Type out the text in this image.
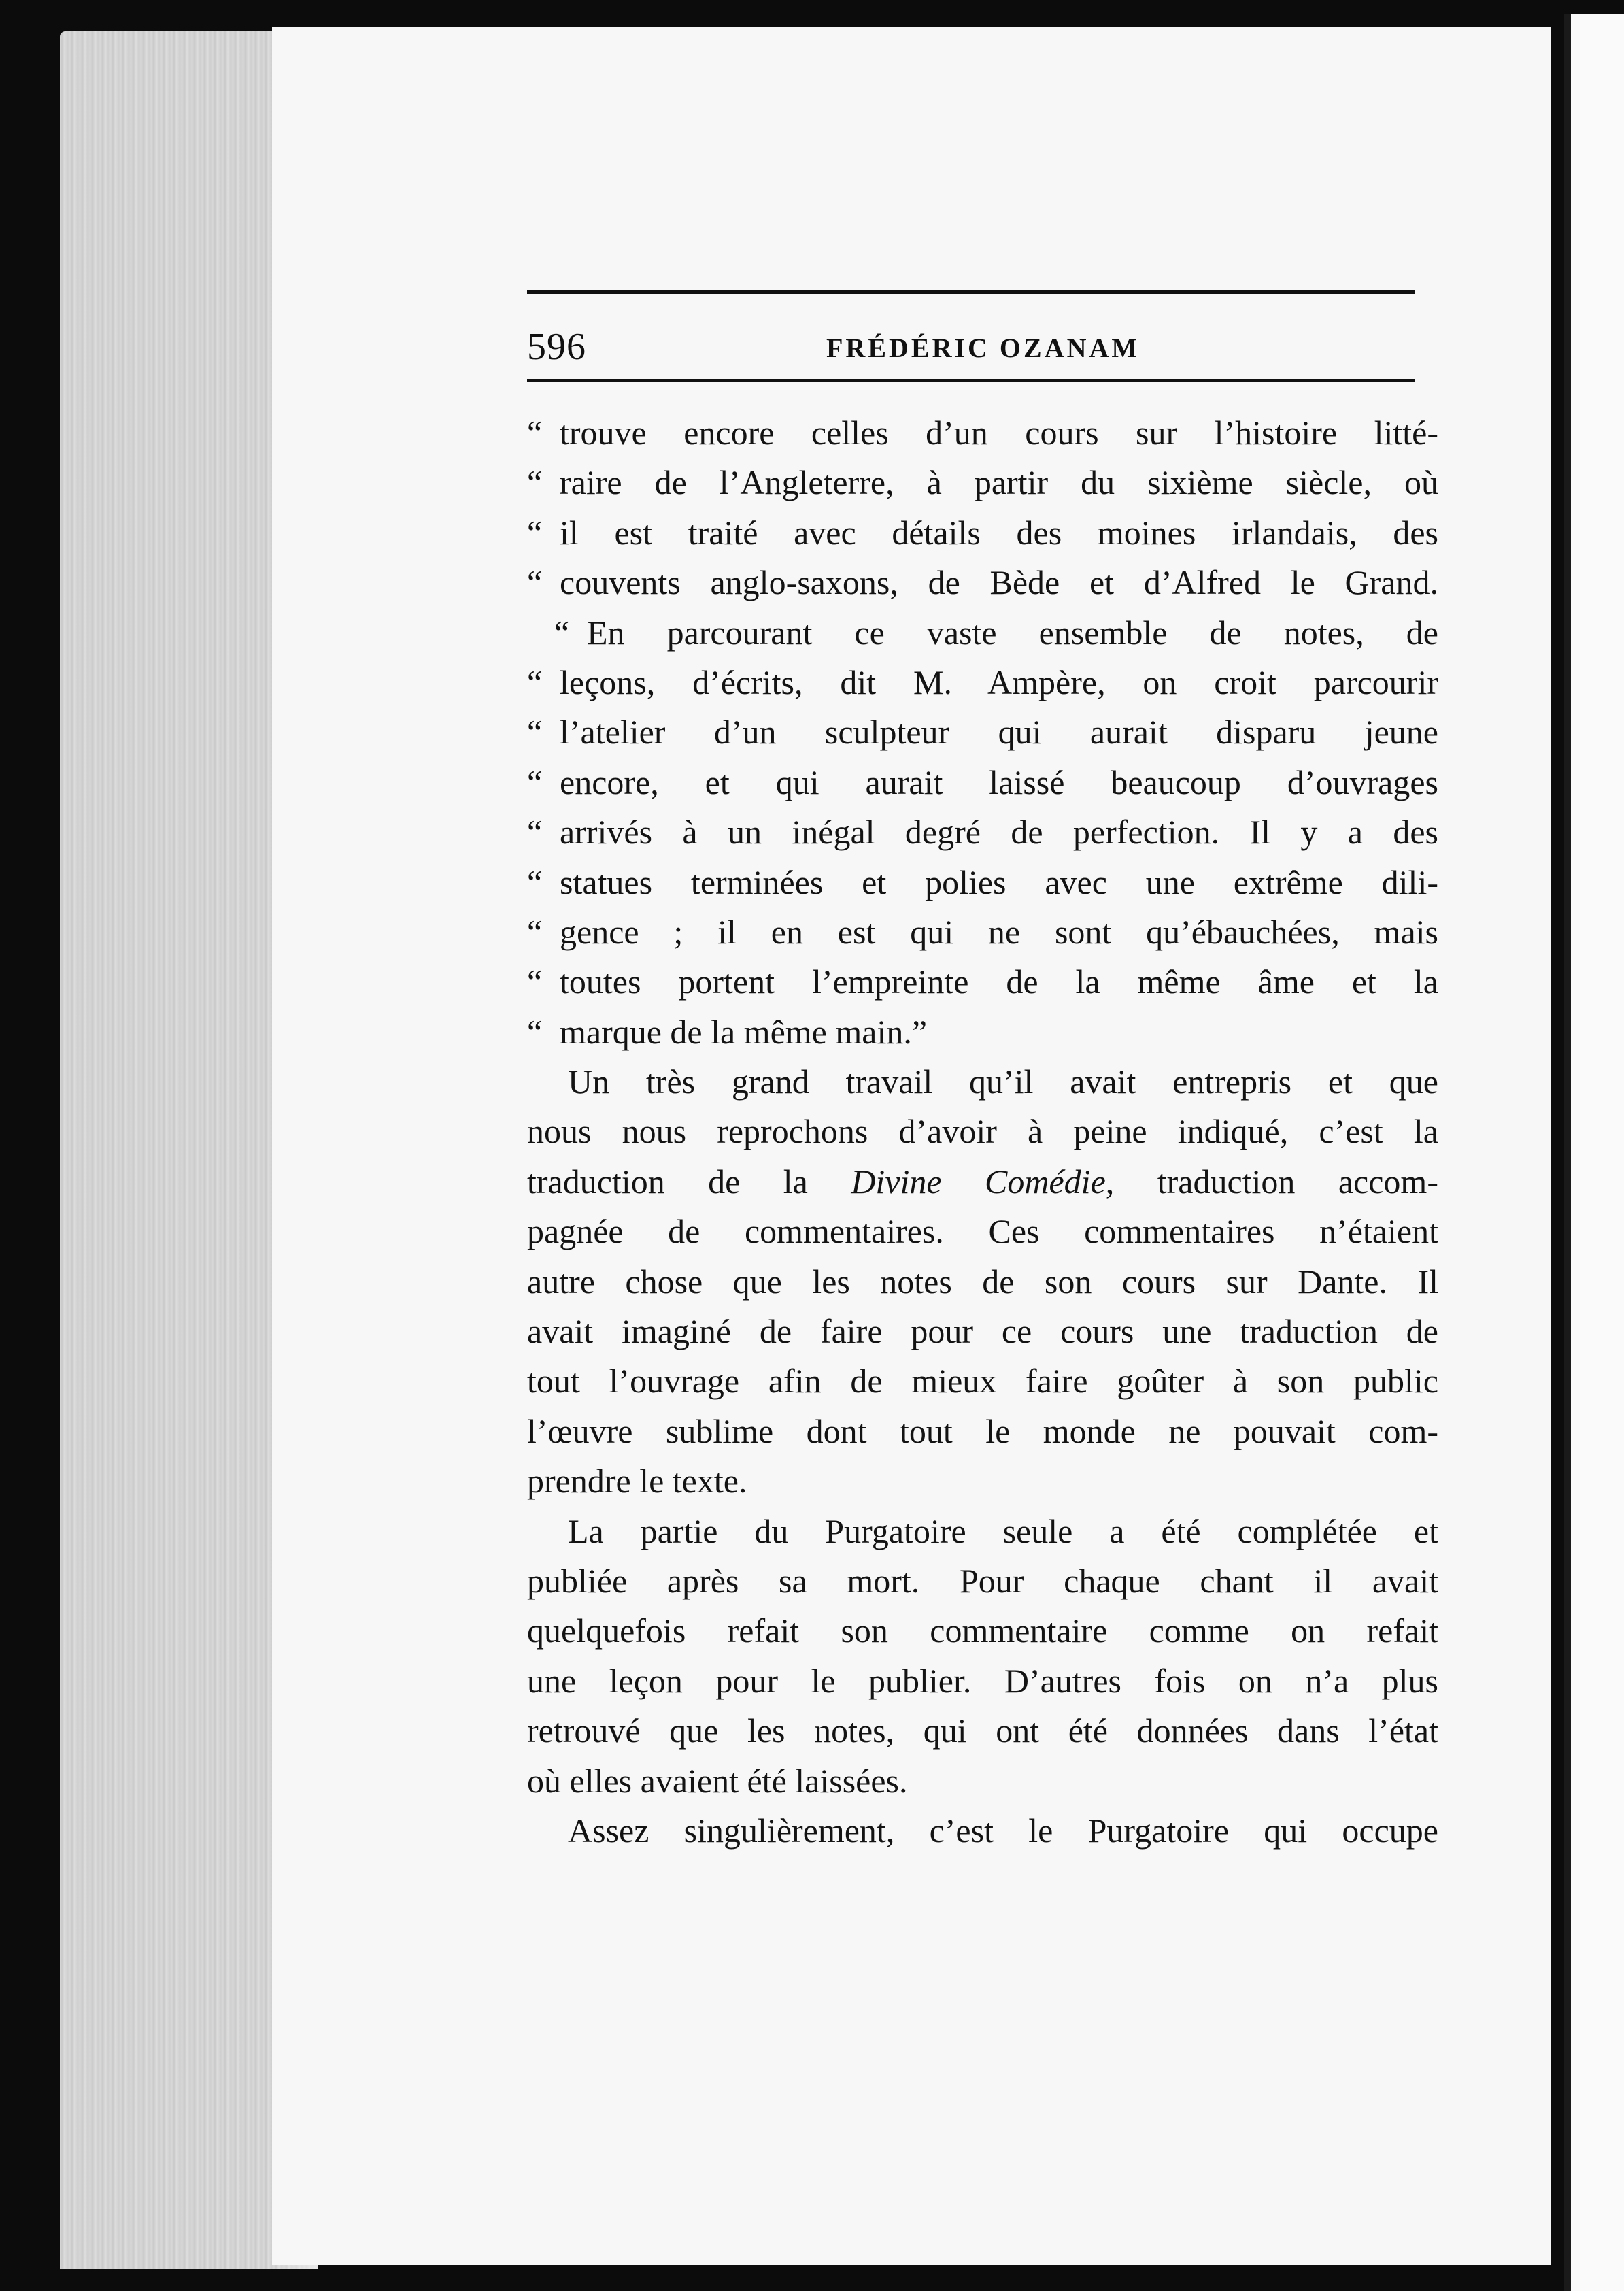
596	FRÉDÉRIC OZANAM
“ trouve encore celles d’un cours sur l’histoire litté-
“ raire de l’Angleterre, à partir du sixième siècle, où
“ il est traité avec détails des moines irlandais, des
“ couvents anglo-saxons, de Bède et d’Alfred le Grand.
“ En parcourant ce vaste ensemble de notes, de
“ leçons, d’écrits, dit M. Ampère, on croit parcourir
“ l’atelier d’un sculpteur qui aurait disparu jeune
“ encore, et qui aurait laissé beaucoup d’ouvrages
“ arrivés à un inégal degré de perfection. Il y a des
“ statues terminées et polies avec une extrême dili-
“ gence ; il en est qui ne sont qu’ébauchées, mais
“ toutes portent l’empreinte de la même âme et la
“ marque de la même main.”
Un très grand travail qu’il avait entrepris et que
nous nous reprochons d’avoir à peine indiqué, c’est la
traduction de la Divine Comédie, traduction accom-
pagnée de commentaires. Ces commentaires n’étaient
autre chose que les notes de son cours sur Dante. Il
avait imaginé de faire pour ce cours une traduction de
tout l’ouvrage afin de mieux faire goûter à son public
l’œuvre sublime dont tout le monde ne pouvait com-
prendre le texte.
La partie du Purgatoire seule a été complétée et
publiée après sa mort. Pour chaque chant il avait
quelquefois refait son commentaire comme on refait
une leçon pour le publier. D’autres fois on n’a plus
retrouvé que les notes, qui ont été données dans l’état
où elles avaient été laissées.
Assez singulièrement, c’est le Purgatoire qui occupe
